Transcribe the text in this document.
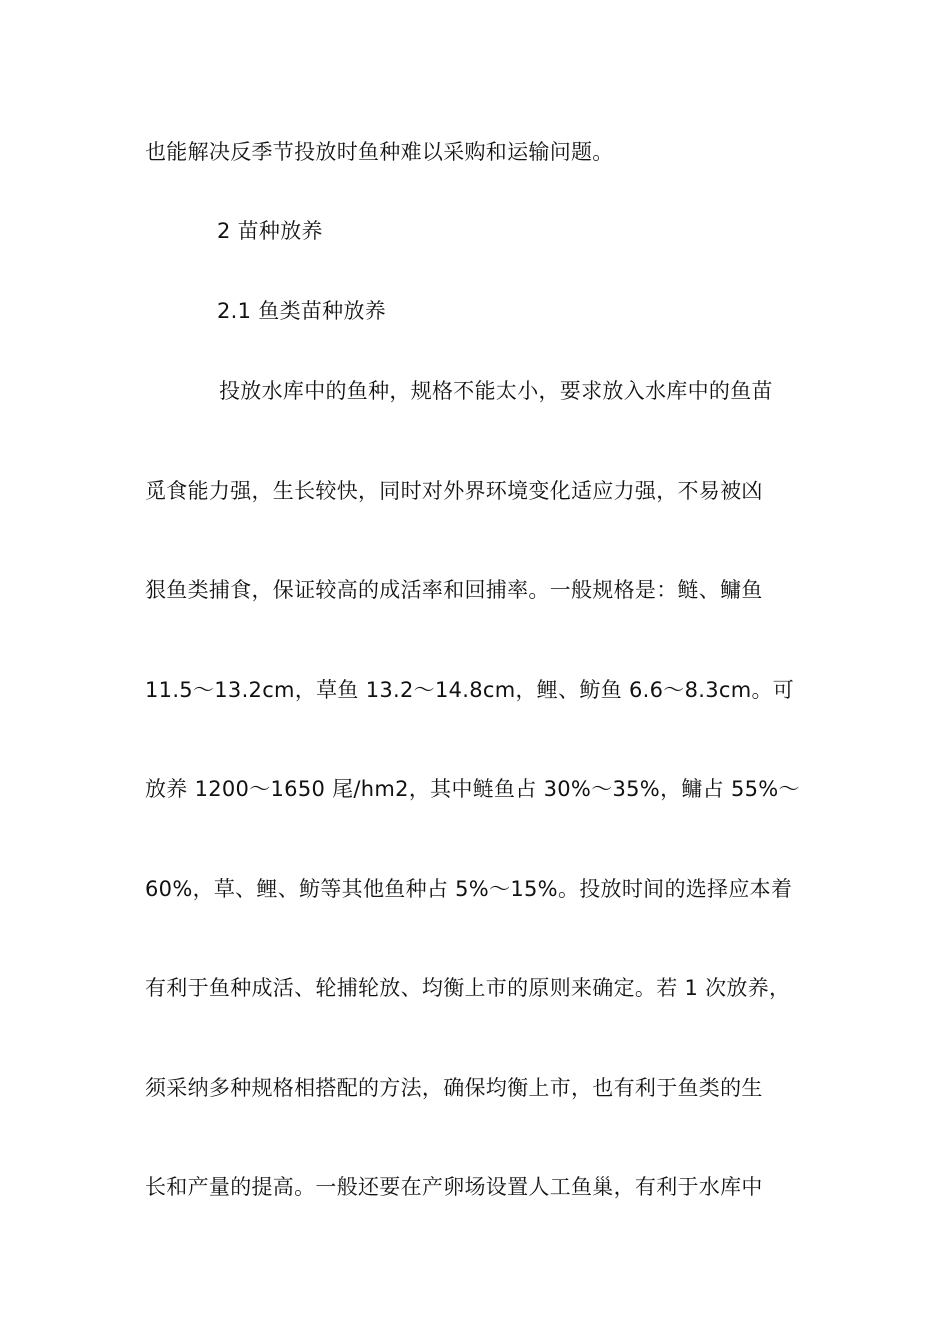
也能解决反季节投放时鱼种难以采购和运输问题。
2 苗种放养
2.1 鱼类苗种放养
投放水库中的鱼种，规格不能太小，要求放入水库中的鱼苗
觅食能力强，生长较快，同时对外界环境变化适应力强，不易被凶
狠鱼类捕食，保证较高的成活率和回捕率。一般规格是：鲢、鳙鱼
11.5～13.2cm，草鱼 13.2～14.8cm，鲤、鲂鱼 6.6～8.3cm。可
放养 1200～1650 尾/hm2，其中鲢鱼占 30%～35%，鳙占 55%～
60%，草、鲤、鲂等其他鱼种占 5%～15%。投放时间的选择应本着
有利于鱼种成活、轮捕轮放、均衡上市的原则来确定。若 1 次放养，
须采纳多种规格相搭配的方法，确保均衡上市，也有利于鱼类的生
长和产量的提高。一般还要在产卵场设置人工鱼巢，有利于水库中
